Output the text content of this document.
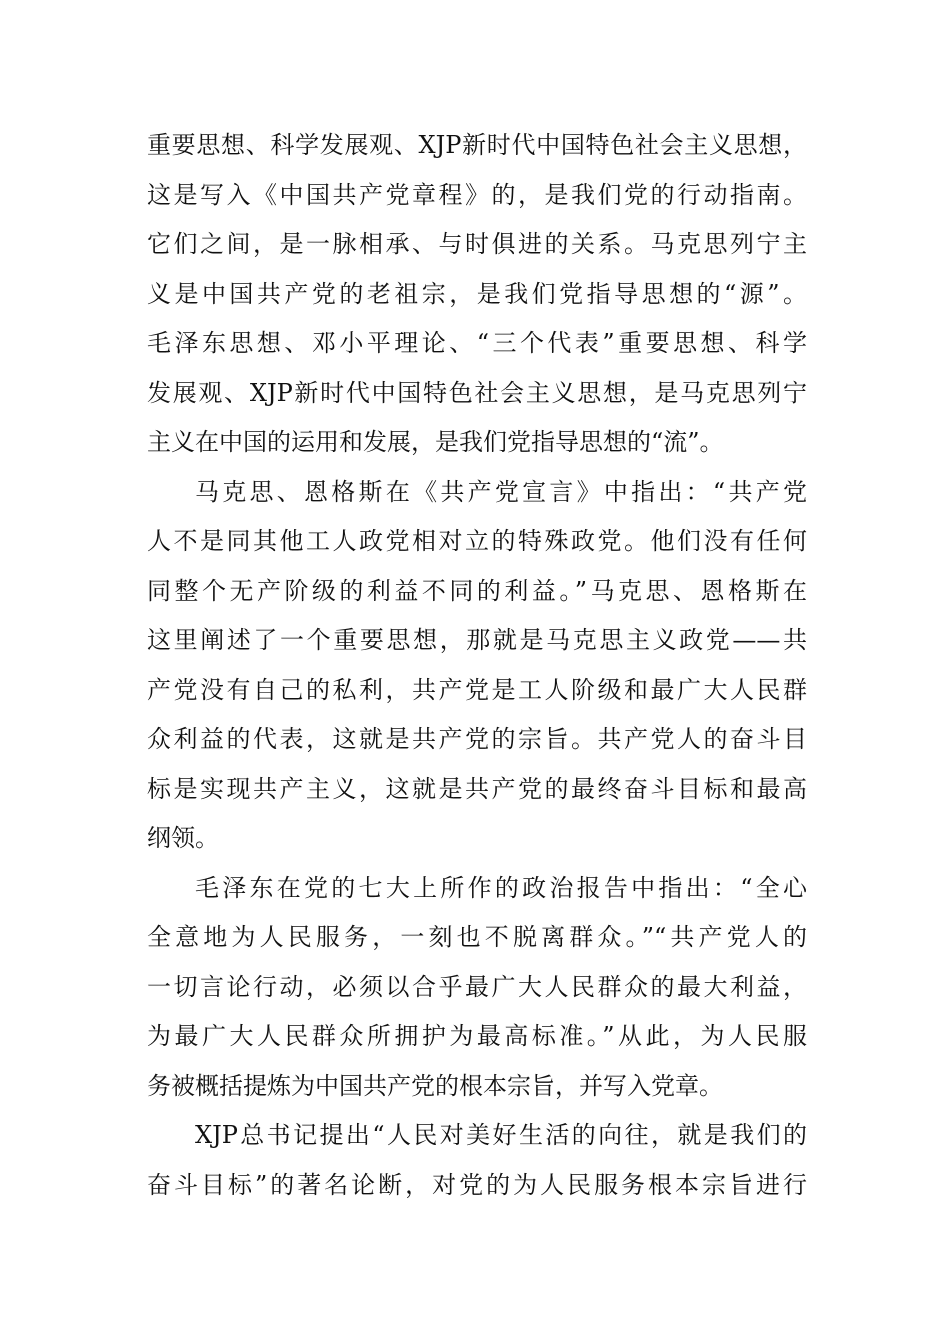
重要思想、科学发展观、XJP新时代中国特色社会主义思想，
这是写入《中国共产党章程》的，是我们党的行动指南。
它们之间，是一脉相承、与时俱进的关系。马克思列宁主
义是中国共产党的老祖宗，是我们党指导思想的“源”。
毛泽东思想、邓小平理论、“三个代表”重要思想、科学
发展观、XJP新时代中国特色社会主义思想，是马克思列宁
主义在中国的运用和发展，是我们党指导思想的“流”。
马克思、恩格斯在《共产党宣言》中指出：“共产党
人不是同其他工人政党相对立的特殊政党。他们没有任何
同整个无产阶级的利益不同的利益。”马克思、恩格斯在
这里阐述了一个重要思想，那就是马克思主义政党——共
产党没有自己的私利，共产党是工人阶级和最广大人民群
众利益的代表，这就是共产党的宗旨。共产党人的奋斗目
标是实现共产主义，这就是共产党的最终奋斗目标和最高
纲领。
毛泽东在党的七大上所作的政治报告中指出：“全心
全意地为人民服务，一刻也不脱离群众。”“共产党人的
一切言论行动，必须以合乎最广大人民群众的最大利益，
为最广大人民群众所拥护为最高标准。”从此，为人民服
务被概括提炼为中国共产党的根本宗旨，并写入党章。
XJP总书记提出“人民对美好生活的向往，就是我们的
奋斗目标”的著名论断，对党的为人民服务根本宗旨进行
